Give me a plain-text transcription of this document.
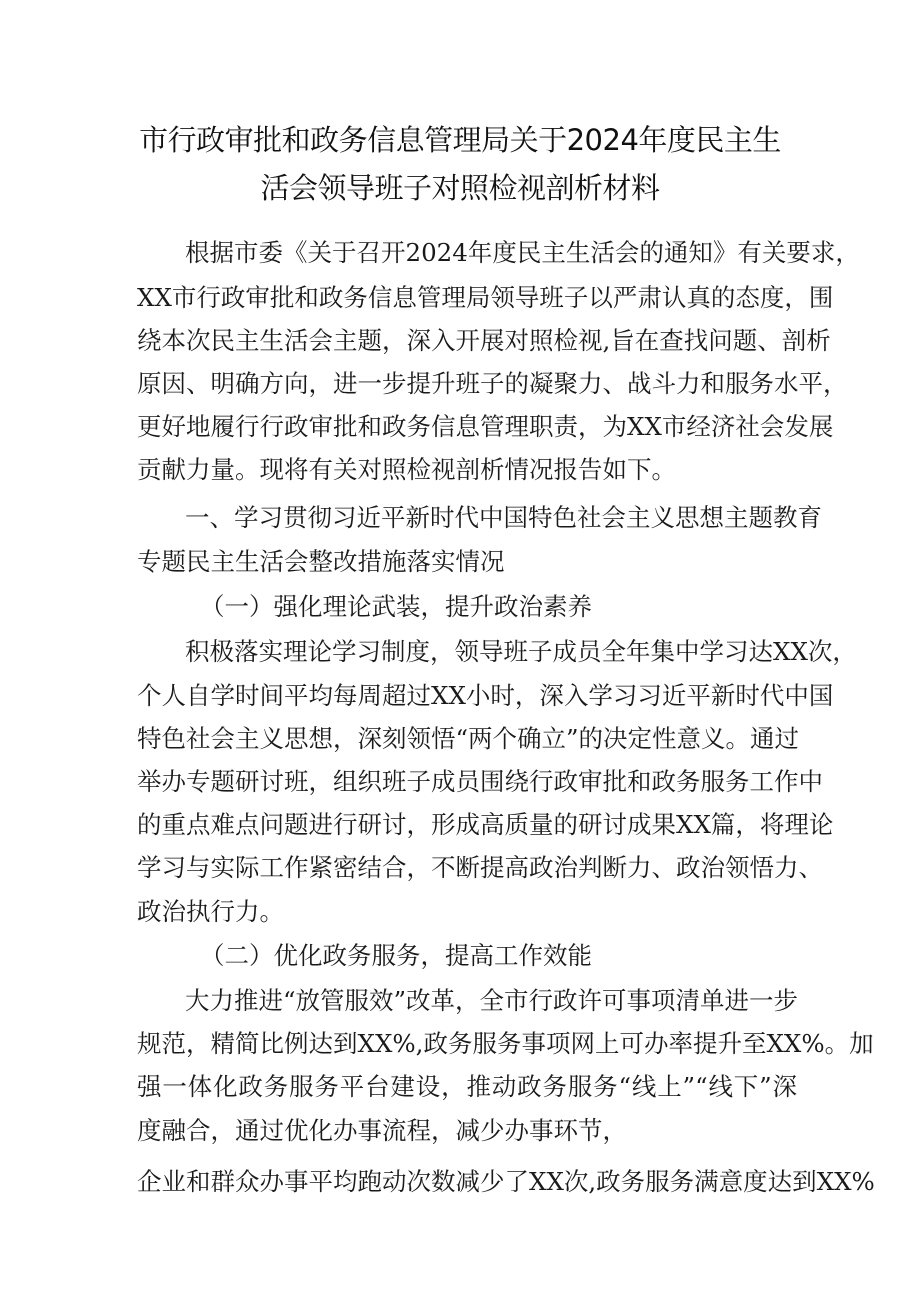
市行政审批和政务信息管理局关于2024年度民主生
活会领导班子对照检视剖析材料
根据市委《关于召开2024年度民主生活会的通知》有关要求，
XX市行政审批和政务信息管理局领导班子以严肃认真的态度，围
绕本次民主生活会主题，深入开展对照检视,旨在查找问题、剖析
原因、明确方向，进一步提升班子的凝聚力、战斗力和服务水平，
更好地履行行政审批和政务信息管理职责，为XX市经济社会发展
贡献力量。现将有关对照检视剖析情况报告如下。
一、学习贯彻习近平新时代中国特色社会主义思想主题教育
专题民主生活会整改措施落实情况
（一）强化理论武装，提升政治素养
积极落实理论学习制度，领导班子成员全年集中学习达XX次，
个人自学时间平均每周超过XX小时，深入学习习近平新时代中国
特色社会主义思想，深刻领悟“两个确立”的决定性意义。通过
举办专题研讨班，组织班子成员围绕行政审批和政务服务工作中
的重点难点问题进行研讨，形成高质量的研讨成果XX篇，将理论
学习与实际工作紧密结合，不断提高政治判断力、政治领悟力、
政治执行力。
（二）优化政务服务，提高工作效能
大力推进“放管服效”改革，全市行政许可事项清单进一步
规范，精简比例达到XX%,政务服务事项网上可办率提升至XX%。加
强一体化政务服务平台建设，推动政务服务“线上”“线下”深
度融合，通过优化办事流程，减少办事环节，
企业和群众办事平均跑动次数减少了XX次,政务服务满意度达到XX%
